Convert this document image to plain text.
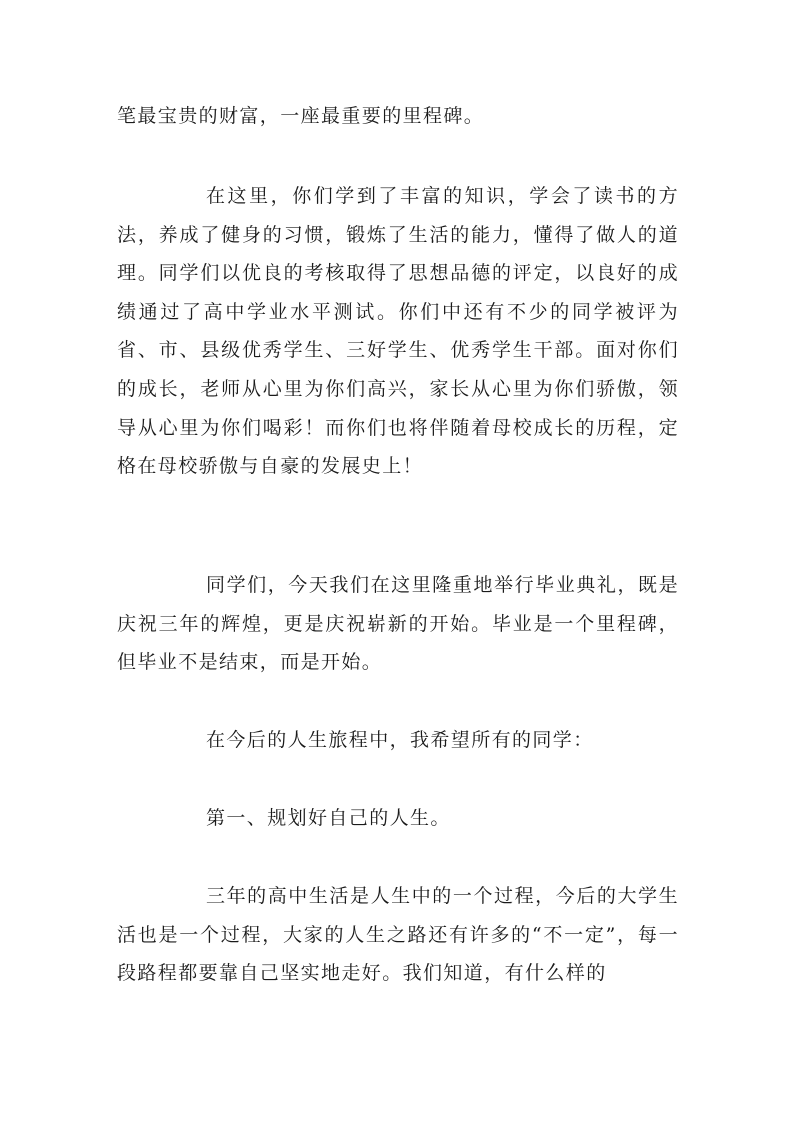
笔最宝贵的财富，一座最重要的里程碑。

在这里，你们学到了丰富的知识，学会了读书的方法，养成了健身的习惯，锻炼了生活的能力，懂得了做人的道理。同学们以优良的考核取得了思想品德的评定，以良好的成绩通过了高中学业水平测试。你们中还有不少的同学被评为省、市、县级优秀学生、三好学生、优秀学生干部。面对你们的成长，老师从心里为你们高兴，家长从心里为你们骄傲，领导从心里为你们喝彩！而你们也将伴随着母校成长的历程，定格在母校骄傲与自豪的发展史上！

同学们，今天我们在这里隆重地举行毕业典礼，既是庆祝三年的辉煌，更是庆祝崭新的开始。毕业是一个里程碑，但毕业不是结束，而是开始。

在今后的人生旅程中，我希望所有的同学：

第一、规划好自己的人生。

三年的高中生活是人生中的一个过程，今后的大学生活也是一个过程，大家的人生之路还有许多的“不一定”，每一段路程都要靠自己坚实地走好。我们知道，有什么样的
